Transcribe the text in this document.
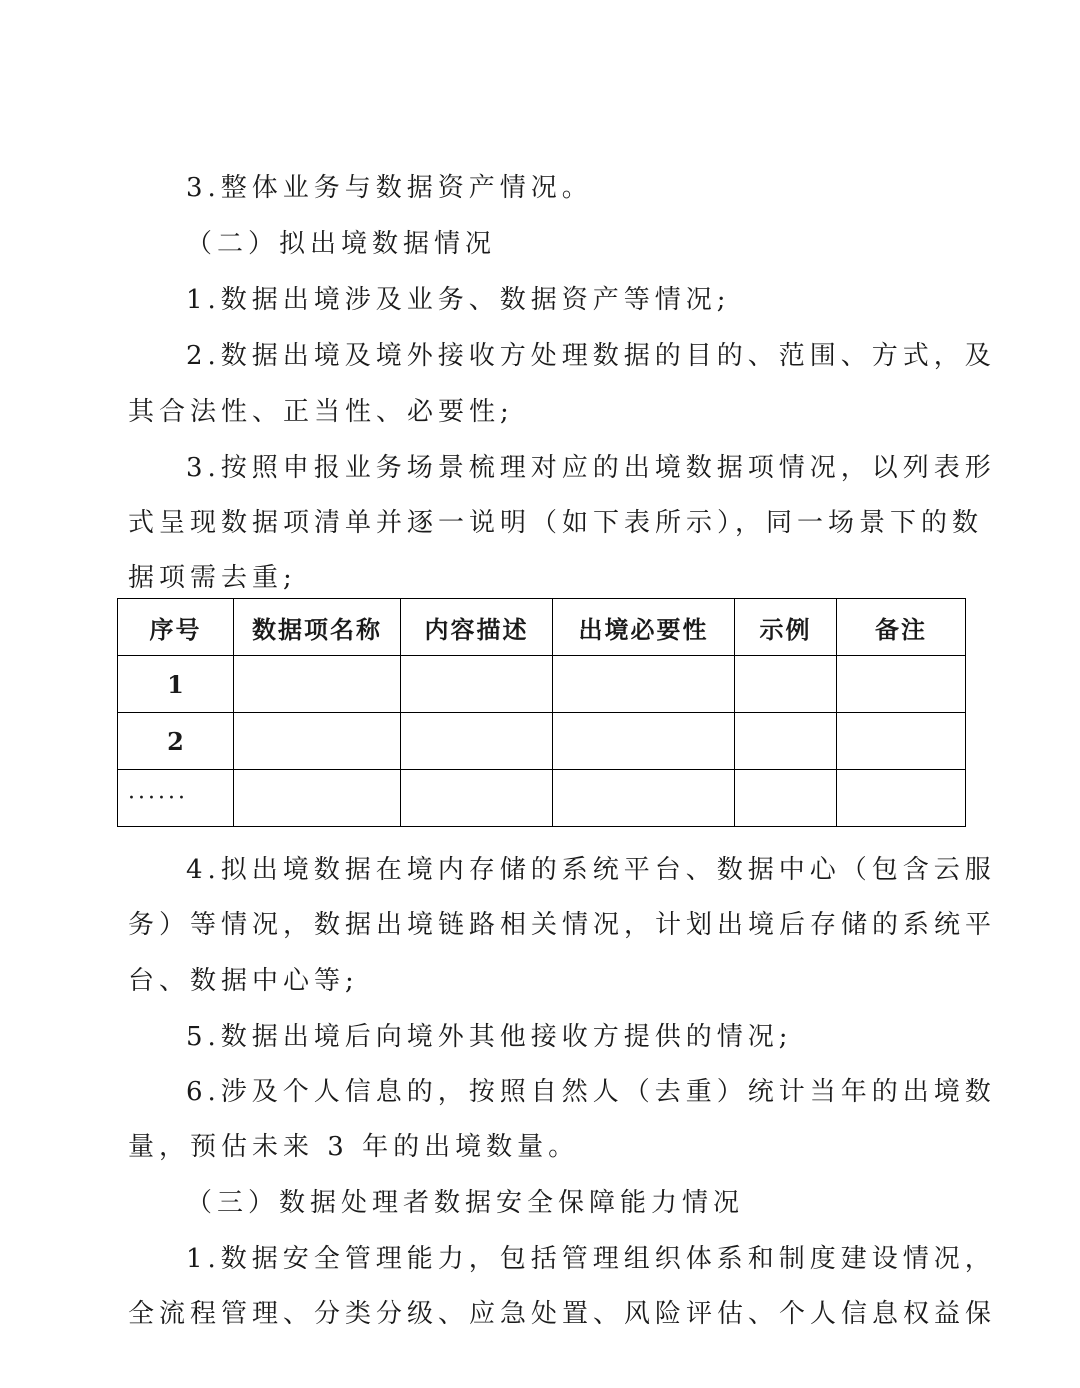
3.整体业务与数据资产情况。
（二）拟出境数据情况
1.数据出境涉及业务、数据资产等情况;
2.数据出境及境外接收方处理数据的目的、范围、方式，及
其合法性、正当性、必要性;
3.按照申报业务场景梳理对应的出境数据项情况，以列表形
式呈现数据项清单并逐一说明（如下表所示），同一场景下的数
据项需去重;
序号	数据项名称	内容描述	出境必要性	示例	备注
1					
2					
······					
4.拟出境数据在境内存储的系统平台、数据中心（包含云服
务）等情况，数据出境链路相关情况，计划出境后存储的系统平
台、数据中心等;
5.数据出境后向境外其他接收方提供的情况;
6.涉及个人信息的，按照自然人（去重）统计当年的出境数
量，预估未来 3 年的出境数量。
（三）数据处理者数据安全保障能力情况
1.数据安全管理能力，包括管理组织体系和制度建设情况，
全流程管理、分类分级、应急处置、风险评估、个人信息权益保
